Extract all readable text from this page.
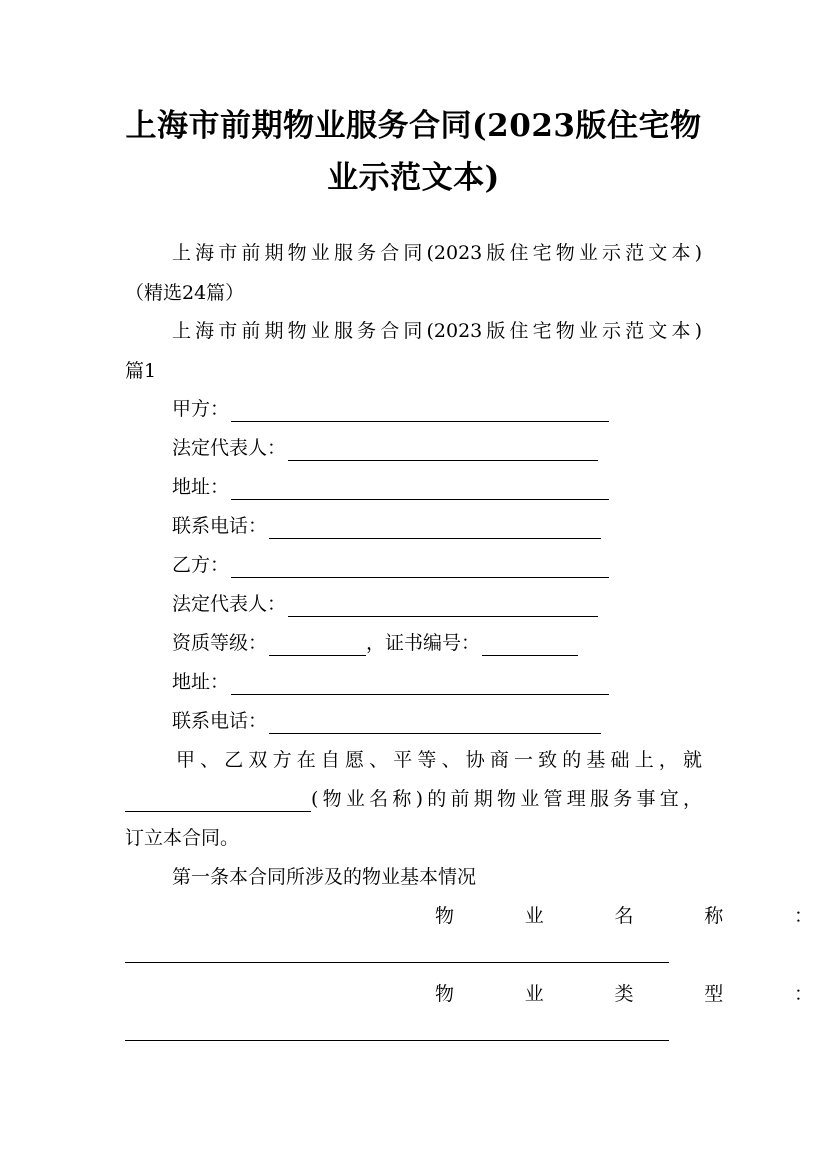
上海市前期物业服务合同(2023版住宅物业示范文本)
上海市前期物业服务合同(2023版住宅物业示范文本)
（精选24篇）
上海市前期物业服务合同(2023版住宅物业示范文本)
篇1
甲方：
法定代表人：
地址：
联系电话：
乙方：
法定代表人：
资质等级：	，证书编号：
地址：
联系电话：
甲、乙双方在自愿、平等、协商一致的基础上，就
(物业名称)的前期物业管理服务事宜，
订立本合同。
第一条本合同所涉及的物业基本情况
物	业	名	称	：
物	业	类	型	：
